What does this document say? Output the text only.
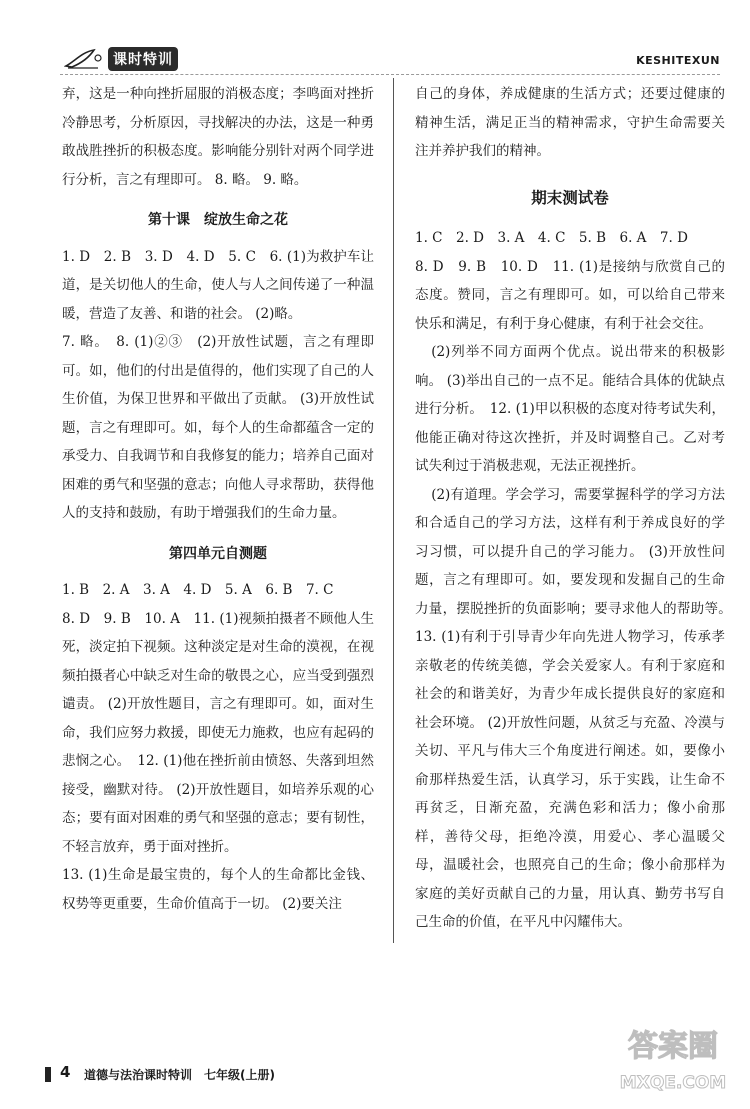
课时特训	KESHITEXUN

弃，这是一种向挫折屈服的消极态度；李鸣面对挫折冷静思考，分析原因，寻找解决的办法，这是一种勇敢战胜挫折的积极态度。影响能分别针对两个同学进行分析，言之有理即可。 8. 略。 9. 略。

第十课　绽放生命之花

1. D　2. B　3. D　4. D　5. C　6. (1)为救护车让道，是关切他人的生命，使人与人之间传递了一种温暖，营造了友善、和谐的社会。 (2)略。

7. 略。　8. (1)②③　(2)开放性试题，言之有理即可。如，他们的付出是值得的，他们实现了自己的人生价值，为保卫世界和平做出了贡献。 (3)开放性试题，言之有理即可。如，每个人的生命都蕴含一定的承受力、自我调节和自我修复的能力；培养自己面对困难的勇气和坚强的意志；向他人寻求帮助，获得他人的支持和鼓励，有助于增强我们的生命力量。

第四单元自测题

1. B　2. A　3. A　4. D　5. A　6. B　7. C

8. D　9. B　10. A　11. (1)视频拍摄者不顾他人生死，淡定拍下视频。这种淡定是对生命的漠视，在视频拍摄者心中缺乏对生命的敬畏之心，应当受到强烈谴责。 (2)开放性题目，言之有理即可。如，面对生命，我们应努力救援，即使无力施救，也应有起码的悲悯之心。　12. (1)他在挫折前由愤怒、失落到坦然接受，幽默对待。 (2)开放性题目，如培养乐观的心态；要有面对困难的勇气和坚强的意志；要有韧性，不轻言放弃，勇于面对挫折。

13. (1)生命是最宝贵的，每个人的生命都比金钱、权势等更重要，生命价值高于一切。 (2)要关注

自己的身体，养成健康的生活方式；还要过健康的精神生活，满足正当的精神需求，守护生命需要关注并养护我们的精神。

期末测试卷

1. C　2. D　3. A　4. C　5. B　6. A　7. D

8. D　9. B　10. D　11. (1)是接纳与欣赏自己的态度。赞同，言之有理即可。如，可以给自己带来快乐和满足，有利于身心健康，有利于社会交往。

(2)列举不同方面两个优点。说出带来的积极影响。 (3)举出自己的一点不足。能结合具体的优缺点进行分析。　12. (1)甲以积极的态度对待考试失利，他能正确对待这次挫折，并及时调整自己。乙对考试失利过于消极悲观，无法正视挫折。

(2)有道理。学会学习，需要掌握科学的学习方法和合适自己的学习方法，这样有利于养成良好的学习习惯，可以提升自己的学习能力。 (3)开放性问题，言之有理即可。如，要发现和发掘自己的生命力量，摆脱挫折的负面影响；要寻求他人的帮助等。　13. (1)有利于引导青少年向先进人物学习，传承孝亲敬老的传统美德，学会关爱家人。有利于家庭和社会的和谐美好，为青少年成长提供良好的家庭和社会环境。 (2)开放性问题，从贫乏与充盈、冷漠与关切、平凡与伟大三个角度进行阐述。如，要像小俞那样热爱生活，认真学习，乐于实践，让生命不再贫乏，日渐充盈，充满色彩和活力；像小俞那样，善待父母，拒绝冷漠，用爱心、孝心温暖父母，温暖社会，也照亮自己的生命；像小俞那样为家庭的美好贡献自己的力量，用认真、勤劳书写自己生命的价值，在平凡中闪耀伟大。

4 道德与法治课时特训　七年级(上册)
答案圈
MXQE.COM
